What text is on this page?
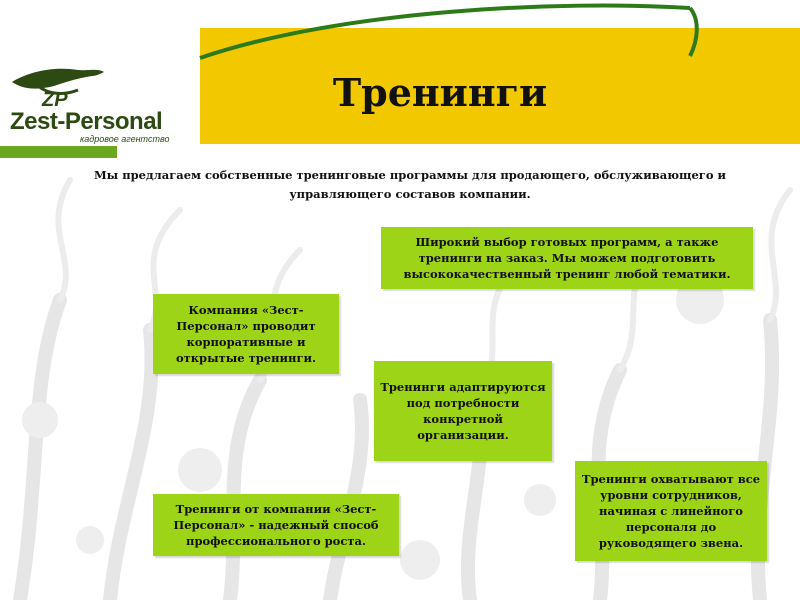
ZP
Zest-Personal
кадровое агентство
Тренинги
Мы предлагаем собственные тренинговые программы для продающего, обслуживающего и управляющего составов компании.
Широкий выбор готовых программ, а также тренинги на заказ. Мы можем подготовить высококачественный тренинг любой тематики.
Компания «Зест-Персонал» проводит корпоративные и открытые тренинги.
Тренинги адаптируются под потребности конкретной организации.
Тренинги охватывают все уровни сотрудников, начиная с линейного персоналя до руководящего звена.
Тренинги от компании «Зест-Персонал» - надежный способ профессионального роста.
